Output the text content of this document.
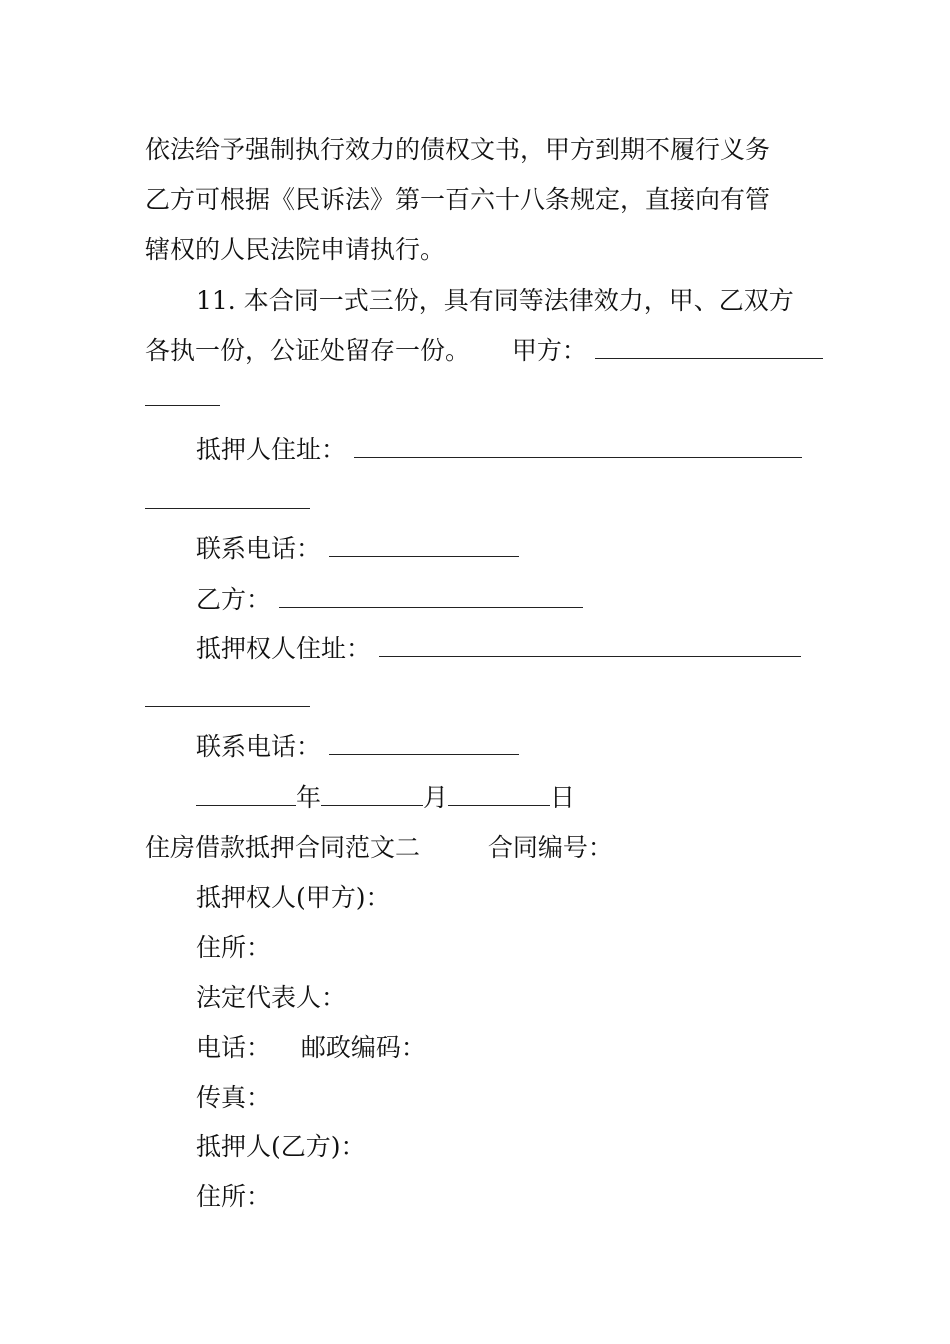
依法给予强制执行效力的债权文书，甲方到期不履行义务
乙方可根据《民诉法》第一百六十八条规定，直接向有管
辖权的人民法院申请执行。
11. 本合同一式三份，具有同等法律效力，甲、乙双方
各执一份，公证处留存一份。 甲方：
抵押人住址：
联系电话：
乙方：
抵押权人住址：
联系电话：
年	月	日
住房借款抵押合同范文二	合同编号：
抵押权人(甲方)：
住所：
法定代表人：
电话： 邮政编码：
传真：
抵押人(乙方)：
住所：
